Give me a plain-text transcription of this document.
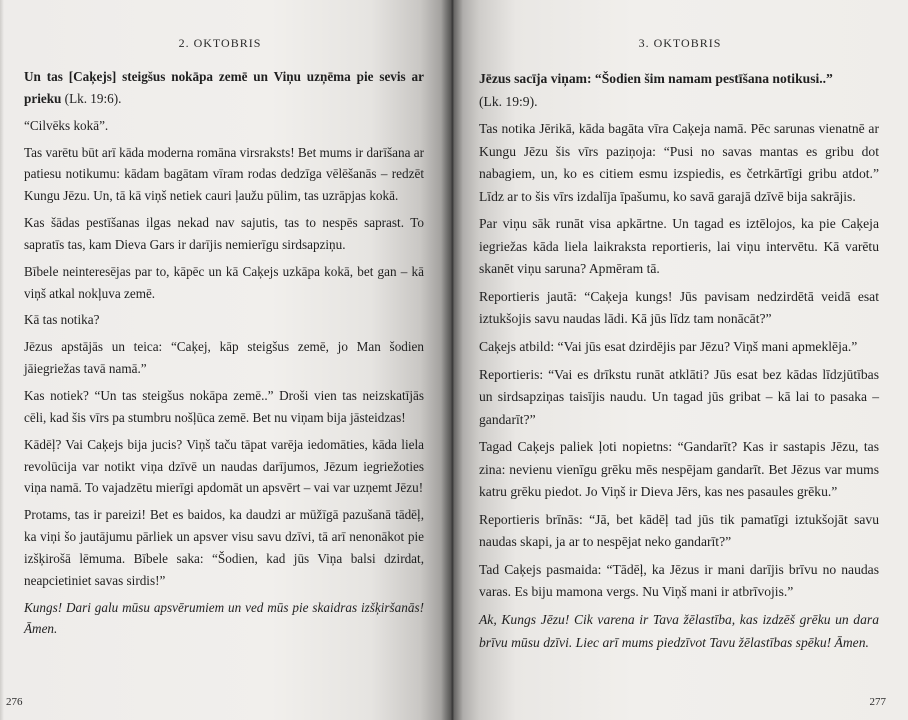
2. OKTOBRIS

Un tas [Caķejs] steigšus nokāpa zemē un Viņu uzņēma pie sevis ar prieku (Lk. 19:6).

“Cilvēks kokā”.

Tas varētu būt arī kāda moderna romāna virsraksts! Bet mums ir darīšana ar patiesu notikumu: kādam bagātam vīram rodas dedzīga vēlēšanās – redzēt Kungu Jēzu. Un, tā kā viņš netiek cauri ļaužu pūlim, tas uzrāpjas kokā.

Kas šādas pestīšanas ilgas nekad nav sajutis, tas to nespēs saprast. To sapratīs tas, kam Dieva Gars ir darījis nemierīgu sirdsapziņu.

Bībele neinteresējas par to, kāpēc un kā Caķejs uzkāpa kokā, bet gan – kā viņš atkal nokļuva zemē.

Kā tas notika?

Jēzus apstājās un teica: “Caķej, kāp steigšus zemē, jo Man šodien jāiegriežas tavā namā.”

Kas notiek? “Un tas steigšus nokāpa zemē..” Droši vien tas neizskatījās cēli, kad šis vīrs pa stumbru nošļūca zemē. Bet nu viņam bija jāsteidzas!

Kādēļ? Vai Caķejs bija jucis? Viņš taču tāpat varēja iedomāties, kāda liela revolūcija var notikt viņa dzīvē un naudas darījumos, Jēzum iegriežoties viņa namā. To vajadzētu mierīgi apdomāt un apsvērt – vai var uzņemt Jēzu!

Protams, tas ir pareizi! Bet es baidos, ka daudzi ar mūžīgā pazušanā tādēļ, ka viņi šo jautājumu pārliek un apsver visu savu dzīvi, tā arī nenonākot pie izšķirošā lēmuma. Bībele saka: “Šodien, kad jūs Viņa balsi dzirdat, neapcietiniet savas sirdis!”

Kungs! Dari galu mūsu apsvērumiem un ved mūs pie skaidras izšķiršanās! Āmen.

276
3. OKTOBRIS

Jēzus sacīja viņam: “Šodien šim namam pestīšana notikusi..”
(Lk. 19:9).

Tas notika Jērikā, kāda bagāta vīra Caķeja namā. Pēc sarunas vienatnē ar Kungu Jēzu šis vīrs paziņoja: “Pusi no savas mantas es gribu dot nabagiem, un, ko es citiem esmu izspiedis, es četrkārtīgi gribu atdot.” Līdz ar to šis vīrs izdalīja īpašumu, ko savā garajā dzīvē bija sakrājis.

Par viņu sāk runāt visa apkārtne. Un tagad es iztēlojos, ka pie Caķeja iegriežas kāda liela laikraksta reportieris, lai viņu intervētu. Kā varētu skanēt viņu saruna? Apmēram tā.

Reportieris jautā: “Caķeja kungs! Jūs pavisam nedzirdētā veidā esat iztukšojis savu naudas lādi. Kā jūs līdz tam nonācāt?”

Caķejs atbild: “Vai jūs esat dzirdējis par Jēzu? Viņš mani apmeklēja.”

Reportieris: “Vai es drīkstu runāt atklāti? Jūs esat bez kādas līdzjūtības un sirdsapziņas taisījis naudu. Un tagad jūs gribat – kā lai to pasaka – gandarīt?”

Tagad Caķejs paliek ļoti nopietns: “Gandarīt? Kas ir sastapis Jēzu, tas zina: nevienu vienīgu grēku mēs nespējam gandarīt. Bet Jēzus var mums katru grēku piedot. Jo Viņš ir Dieva Jērs, kas nes pasaules grēku.”

Reportieris brīnās: “Jā, bet kādēļ tad jūs tik pamatīgi iztukšojāt savu naudas skapi, ja ar to nespējat neko gandarīt?”

Tad Caķejs pasmaida: “Tādēļ, ka Jēzus ir mani darījis brīvu no naudas varas. Es biju mamona vergs. Nu Viņš mani ir atbrīvojis.”

Ak, Kungs Jēzu! Cik varena ir Tava žēlastība, kas izdzēš grēku un dara brīvu mūsu dzīvi. Liec arī mums piedzīvot Tavu žēlastības spēku! Āmen.

277
